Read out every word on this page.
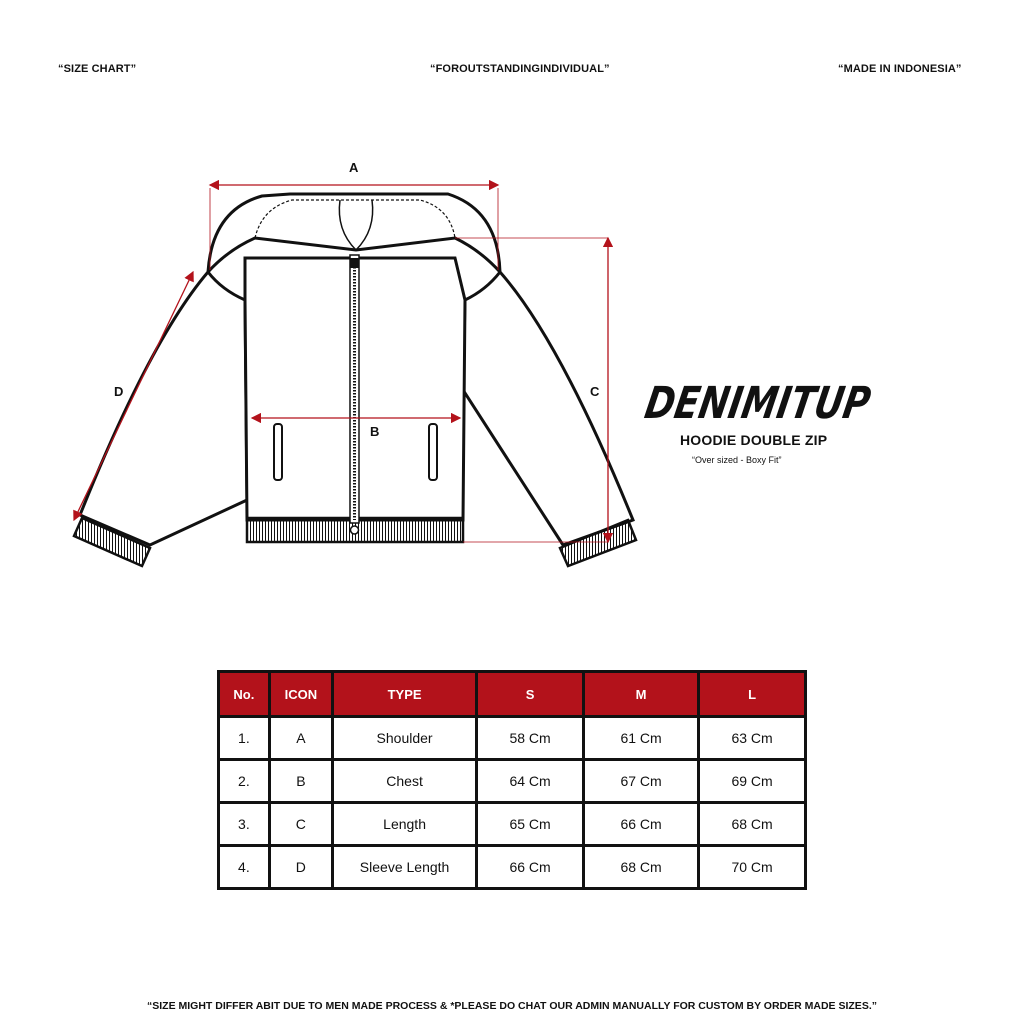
“SIZE CHART”	“FOROUTSTANDINGINDIVIDUAL”	“MADE IN INDONESIA”
A
B
C
D	DENIMITUP
HOODIE DOUBLE ZIP
“Over sized - Boxy Fit”
No.	ICON	TYPE	S	M	L
1.	A	Shoulder	58 Cm	61 Cm	63 Cm
2.	B	Chest	64 Cm	67 Cm	69 Cm
3.	C	Length	65 Cm	66 Cm	68 Cm
4.	D	Sleeve Length	66 Cm	68 Cm	70 Cm
“SIZE MIGHT DIFFER ABIT DUE TO MEN MADE PROCESS & *PLEASE DO CHAT OUR ADMIN MANUALLY FOR CUSTOM BY ORDER MADE SIZES.”
